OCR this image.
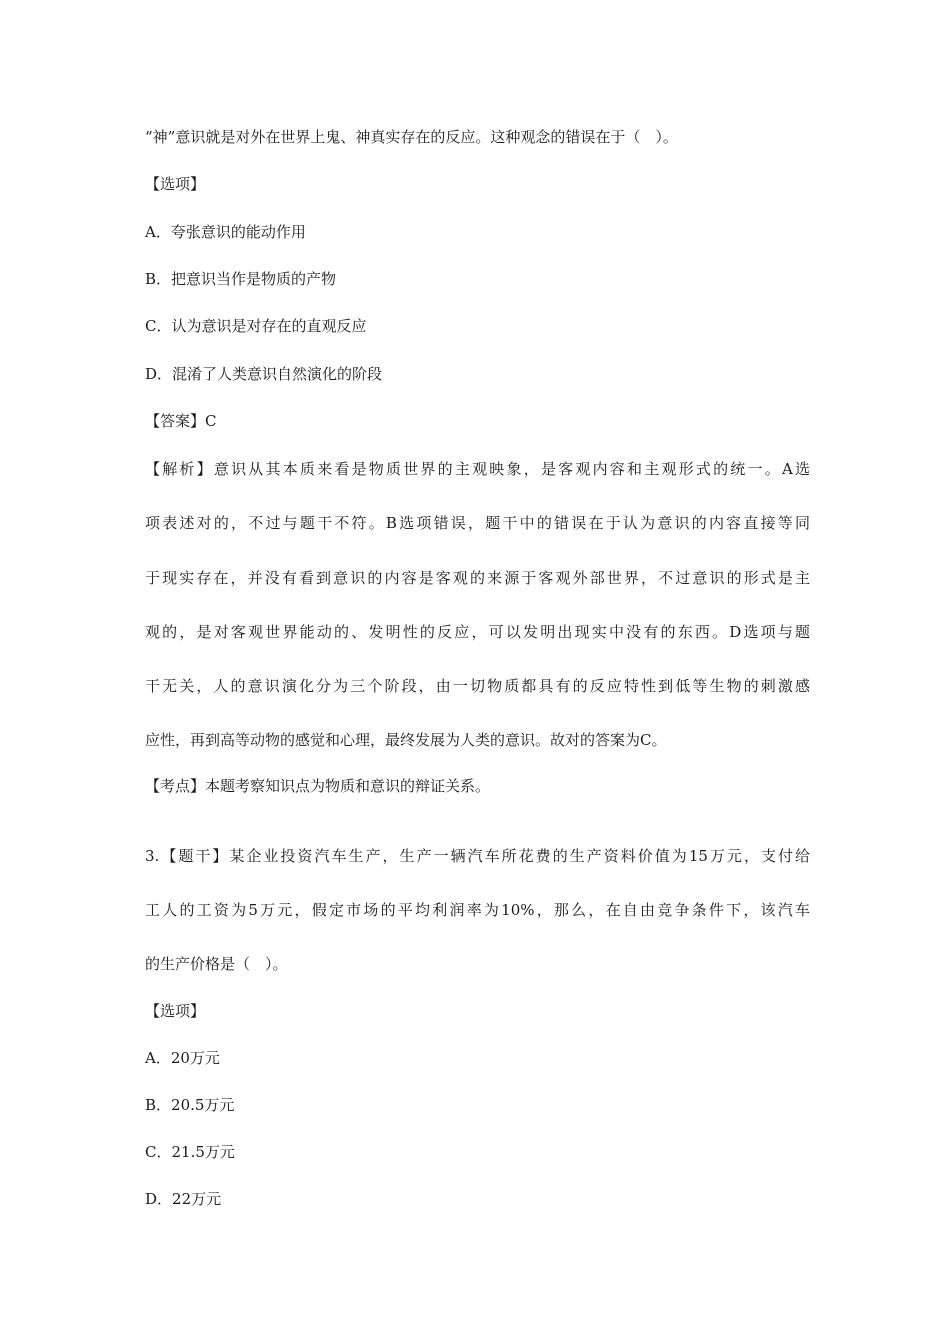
“神”意识就是对外在世界上鬼、神真实存在的反应。这种观念的错误在于（　）。
【选项】
A．夸张意识的能动作用
B．把意识当作是物质的产物
C．认为意识是对存在的直观反应
D．混淆了人类意识自然演化的阶段
【答案】C
【解析】意识从其本质来看是物质世界的主观映象，是客观内容和主观形式的统一。A选
项表述对的，不过与题干不符。B选项错误，题干中的错误在于认为意识的内容直接等同
于现实存在，并没有看到意识的内容是客观的来源于客观外部世界，不过意识的形式是主
观的，是对客观世界能动的、发明性的反应，可以发明出现实中没有的东西。D选项与题
干无关，人的意识演化分为三个阶段，由一切物质都具有的反应特性到低等生物的刺激感
应性，再到高等动物的感觉和心理，最终发展为人类的意识。故对的答案为C。
【考点】本题考察知识点为物质和意识的辩证关系。
3.【题干】某企业投资汽车生产，生产一辆汽车所花费的生产资料价值为15万元，支付给
工人的工资为5万元，假定市场的平均利润率为10%，那么，在自由竞争条件下，该汽车
的生产价格是（　）。
【选项】
A．20万元
B．20.5万元
C．21.5万元
D．22万元
